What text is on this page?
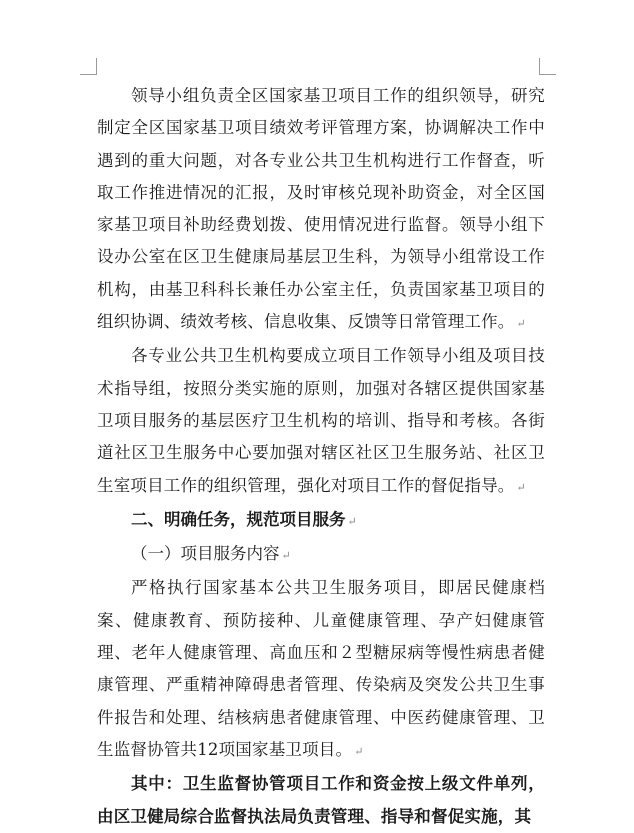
领导小组负责全区国家基卫项目工作的组织领导，研究制定全区国家基卫项目绩效考评管理方案，协调解决工作中遇到的重大问题，对各专业公共卫生机构进行工作督查，听取工作推进情况的汇报，及时审核兑现补助资金，对全区国家基卫项目补助经费划拨、使用情况进行监督。领导小组下设办公室在区卫生健康局基层卫生科，为领导小组常设工作机构，由基卫科科长兼任办公室主任，负责国家基卫项目的组织协调、绩效考核、信息收集、反馈等日常管理工作。 ↵

各专业公共卫生机构要成立项目工作领导小组及项目技术指导组，按照分类实施的原则，加强对各辖区提供国家基卫项目服务的基层医疗卫生机构的培训、指导和考核。各街道社区卫生服务中心要加强对辖区社区卫生服务站、社区卫生室项目工作的组织管理，强化对项目工作的督促指导。 ↵

二、明确任务，规范项目服务 ↵

（一）项目服务内容 ↵

严格执行国家基本公共卫生服务项目，即居民健康档案、健康教育、预防接种、儿童健康管理、孕产妇健康管理、老年人健康管理、高血压和２型糖尿病等慢性病患者健康管理、严重精神障碍患者管理、传染病及突发公共卫生事件报告和处理、结核病患者健康管理、中医药健康管理、卫生监督协管共12项国家基卫项目。 ↵

其中：卫生监督协管项目工作和资金按上级文件单列，由区卫健局综合监督执法局负责管理、指导和督促实施，其
